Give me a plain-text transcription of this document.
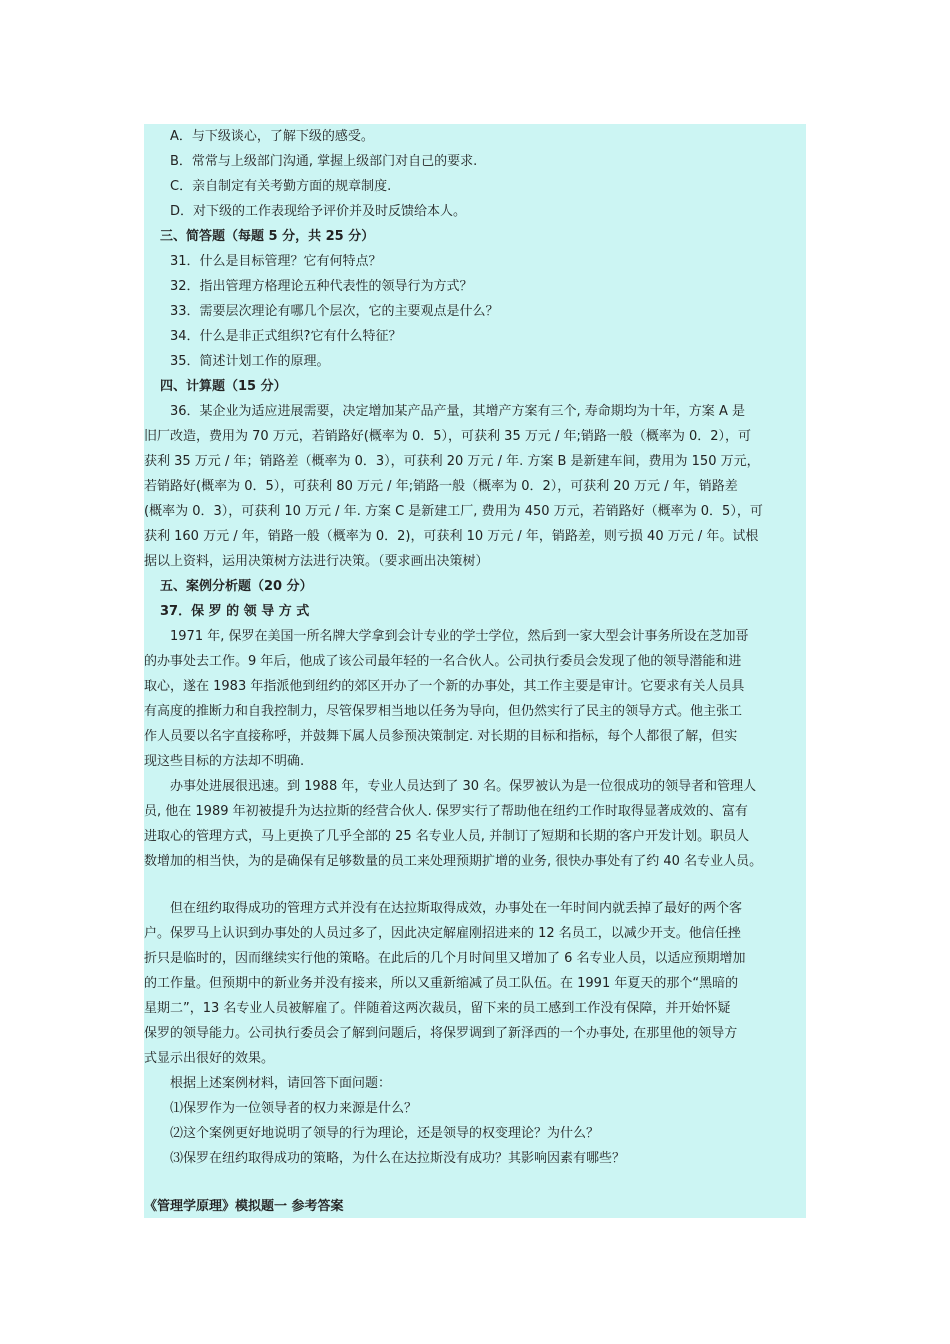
A．与下级谈心，了解下级的感受。
B．常常与上级部门沟通, 掌握上级部门对自己的要求.
C．亲自制定有关考勤方面的规章制度.
D．对下级的工作表现给予评价并及时反馈给本人。
三、简答题（每题 5 分，共 25 分）
31．什么是目标管理？它有何特点？
32．指出管理方格理论五种代表性的领导行为方式？
33．需要层次理论有哪几个层次，它的主要观点是什么？
34．什么是非正式组织?它有什么特征？
35．简述计划工作的原理。
四、计算题（15 分）
36．某企业为适应进展需要，决定增加某产品产量，其增产方案有三个, 寿命期均为十年，方案 A 是
旧厂改造，费用为 70 万元，若销路好(概率为 0．5），可获利 35 万元 / 年;销路一般（概率为 0．2），可
获利 35 万元 / 年；销路差（概率为 0．3），可获利 20 万元 / 年. 方案 B 是新建车间，费用为 150 万元，
若销路好(概率为 0．5），可获利 80 万元 / 年;销路一般（概率为 0．2），可获利 20 万元 / 年，销路差
(概率为 0．3），可获利 10 万元 / 年. 方案 C 是新建工厂, 费用为 450 万元，若销路好（概率为 0．5），可
获利 160 万元 / 年，销路一般（概率为 0．2)，可获利 10 万元 / 年，销路差，则亏损 40 万元 / 年。试根
据以上资料，运用决策树方法进行决策。（要求画出决策树）
五、案例分析题（20 分）
37．保 罗 的 领 导 方 式
1971 年, 保罗在美国一所名牌大学拿到会计专业的学士学位，然后到一家大型会计事务所设在芝加哥
的办事处去工作。9 年后，他成了该公司最年轻的一名合伙人。公司执行委员会发现了他的领导潜能和进
取心，遂在 1983 年指派他到纽约的郊区开办了一个新的办事处，其工作主要是审计。它要求有关人员具
有高度的推断力和自我控制力，尽管保罗相当地以任务为导向，但仍然实行了民主的领导方式。他主张工
作人员要以名字直接称呼，并鼓舞下属人员参预决策制定. 对长期的目标和指标，每个人都很了解，但实
现这些目标的方法却不明确.
办事处进展很迅速。到 1988 年，专业人员达到了 30 名。保罗被认为是一位很成功的领导者和管理人
员, 他在 1989 年初被提升为达拉斯的经营合伙人. 保罗实行了帮助他在纽约工作时取得显著成效的、富有
进取心的管理方式，马上更换了几乎全部的 25 名专业人员, 并制订了短期和长期的客户开发计划。职员人
数增加的相当快，为的是确保有足够数量的员工来处理预期扩增的业务, 很快办事处有了约 40 名专业人员。
但在纽约取得成功的管理方式并没有在达拉斯取得成效，办事处在一年时间内就丢掉了最好的两个客
户。保罗马上认识到办事处的人员过多了，因此决定解雇刚招进来的 12 名员工，以减少开支。他信任挫
折只是临时的，因而继续实行他的策略。在此后的几个月时间里又增加了 6 名专业人员，以适应预期增加
的工作量。但预期中的新业务并没有接来，所以又重新缩减了员工队伍。在 1991 年夏天的那个“黑暗的
星期二”，13 名专业人员被解雇了。伴随着这两次裁员，留下来的员工感到工作没有保障，并开始怀疑
保罗的领导能力。公司执行委员会了解到问题后，将保罗调到了新泽西的一个办事处, 在那里他的领导方
式显示出很好的效果。
根据上述案例材料，请回答下面问题：
⑴保罗作为一位领导者的权力来源是什么？
⑵这个案例更好地说明了领导的行为理论，还是领导的权变理论？为什么？
⑶保罗在纽约取得成功的策略，为什么在达拉斯没有成功？其影响因素有哪些？
《管理学原理》模拟题一 参考答案
